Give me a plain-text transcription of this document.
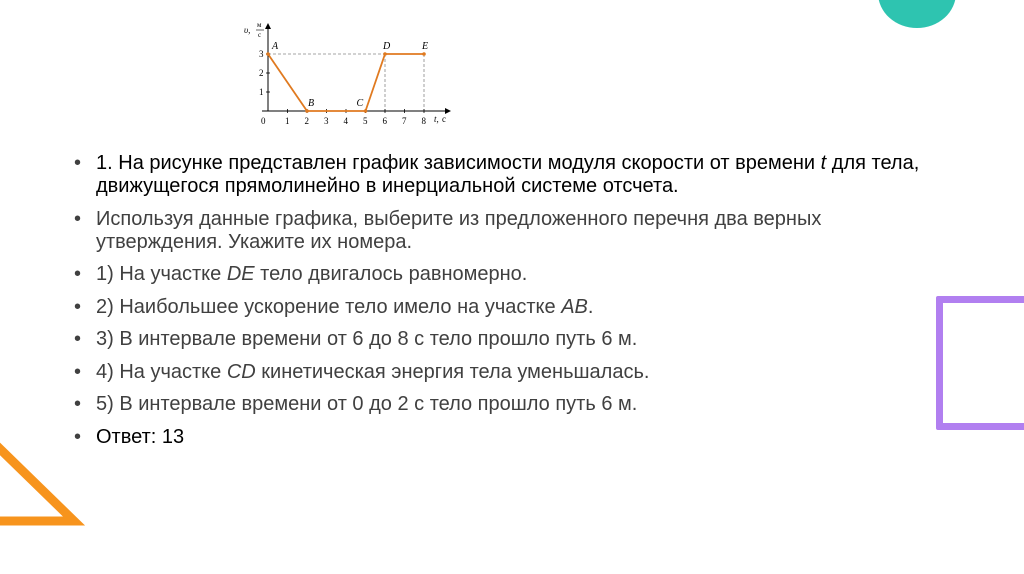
0 1 2 3 4 5 6 7 8
1
2
3
A
B	C
D	E
υ, м
с
t, c
• 1. На рисунке представлен график зависимости модуля скорости от времени t для тела, движущегося прямолинейно в инерциальной системе отсчета.
• Используя данные графика, выберите из предложенного перечня два верных утверждения. Укажите их номера.
• 1) На участке DE тело двигалось равномерно.
• 2) Наибольшее ускорение тело имело на участке AB.
• 3) В интервале времени от 6 до 8 с тело прошло путь 6 м.
• 4) На участке CD кинетическая энергия тела уменьшалась.
• 5) В интервале времени от 0 до 2 с тело прошло путь 6 м.
• Ответ: 13
